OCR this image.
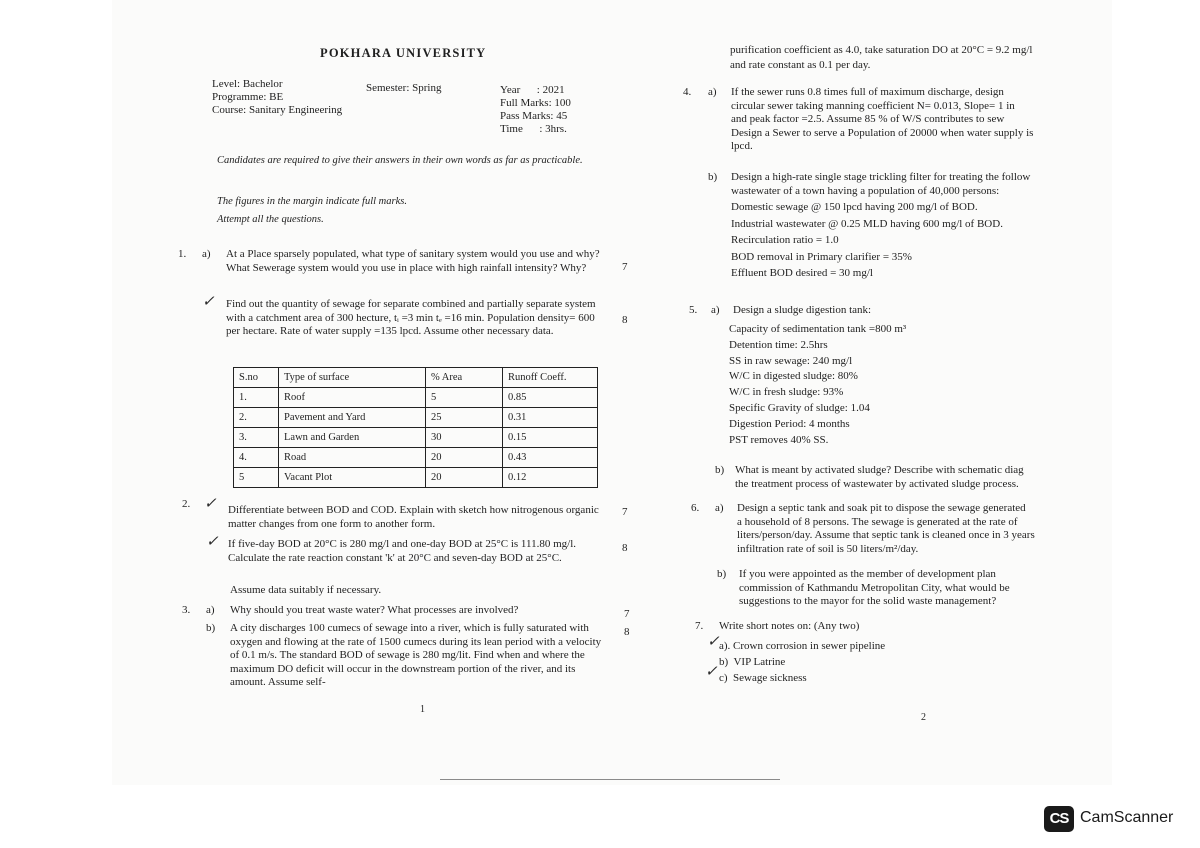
POKHARA UNIVERSITY
Level: Bachelor
Programme: BE
Course: Sanitary Engineering
Semester: Spring	Year      : 2021
Full Marks: 100
Pass Marks: 45
Time      : 3hrs.
Candidates are required to give their answers in their own words as far as practicable.
The figures in the margin indicate full marks.
Attempt all the questions.
1. a) At a Place sparsely populated, what type of sanitary system would you use and why? What Sewerage system would you use in place with high rainfall intensity? Why?	7
✓ Find out the quantity of sewage for separate combined and partially separate system with a catchment area of 300 hecture, tᵢ =3 min tₑ =16 min. Population density= 600 per hectare. Rate of water supply =135 lpcd. Assume other necessary data.
8
S.no	Type of surface	% Area	Runoff Coeff.
1.	Roof	5	0.85
2.	Pavement and Yard	25	0.31
3.	Lawn and Garden	30	0.15
4.	Road	20	0.43
5	Vacant Plot	20	0.12
2. ✓ Differentiate between BOD and COD. Explain with sketch how nitrogenous organic matter changes from one form to another form.
7
✓ If five-day BOD at 20°C is 280 mg/l and one-day BOD at 25°C is 111.80 mg/l. Calculate the rate reaction constant 'k' at 20°C and seven-day BOD at 25°C.
8
Assume data suitably if necessary.
3. a) Why should you treat waste water? What processes are involved?	7
b) A city discharges 100 cumecs of sewage into a river, which is fully saturated with oxygen and flowing at the rate of 1500 cumecs during its lean period with a velocity of 0.1 m/s. The standard BOD of sewage is 280 mg/lit. Find when and where the maximum DO deficit will occur in the downstream portion of the river, and its amount. Assume self-
8
1
purification coefficient as 4.0, take saturation DO at 20°C = 9.2 mg/l
and rate constant as 0.1 per day.
4. a) If the sewer runs 0.8 times full of maximum discharge, design
circular sewer taking manning coefficient N= 0.013, Slope= 1 in
and peak factor =2.5. Assume 85 % of W/S contributes to sew
Design a Sewer to serve a Population of 20000 when water supply is
lpcd.
b) Design a high-rate single stage trickling filter for treating the follow
wastewater of a town having a population of 40,000 persons:
Domestic sewage @ 150 lpcd having 200 mg/l of BOD.
Industrial wastewater @ 0.25 MLD having 600 mg/l of BOD.
Recirculation ratio = 1.0
BOD removal in Primary clarifier = 35%
Effluent BOD desired = 30 mg/l
5. a) Design a sludge digestion tank:
Capacity of sedimentation tank =800 m³
Detention time: 2.5hrs
SS in raw sewage: 240 mg/l
W/C in digested sludge: 80%
W/C in fresh sludge: 93%
Specific Gravity of sludge: 1.04
Digestion Period: 4 months
PST removes 40% SS.
b) What is meant by activated sludge? Describe with schematic diag
the treatment process of wastewater by activated sludge process.
6. a) Design a septic tank and soak pit to dispose the sewage generated
a household of 8 persons. The sewage is generated at the rate of
liters/person/day. Assume that septic tank is cleaned once in 3 years
infiltration rate of soil is 50 liters/m²/day.
b) If you were appointed as the member of development plan
commission of Kathmandu Metropolitan City, what would be
suggestions to the mayor for the solid waste management?
7. Write short notes on: (Any two)
✓ a). Crown corrosion in sewer pipeline
b)  VIP Latrine
c)  Sewage sickness
✓
2
CS CamScanner
